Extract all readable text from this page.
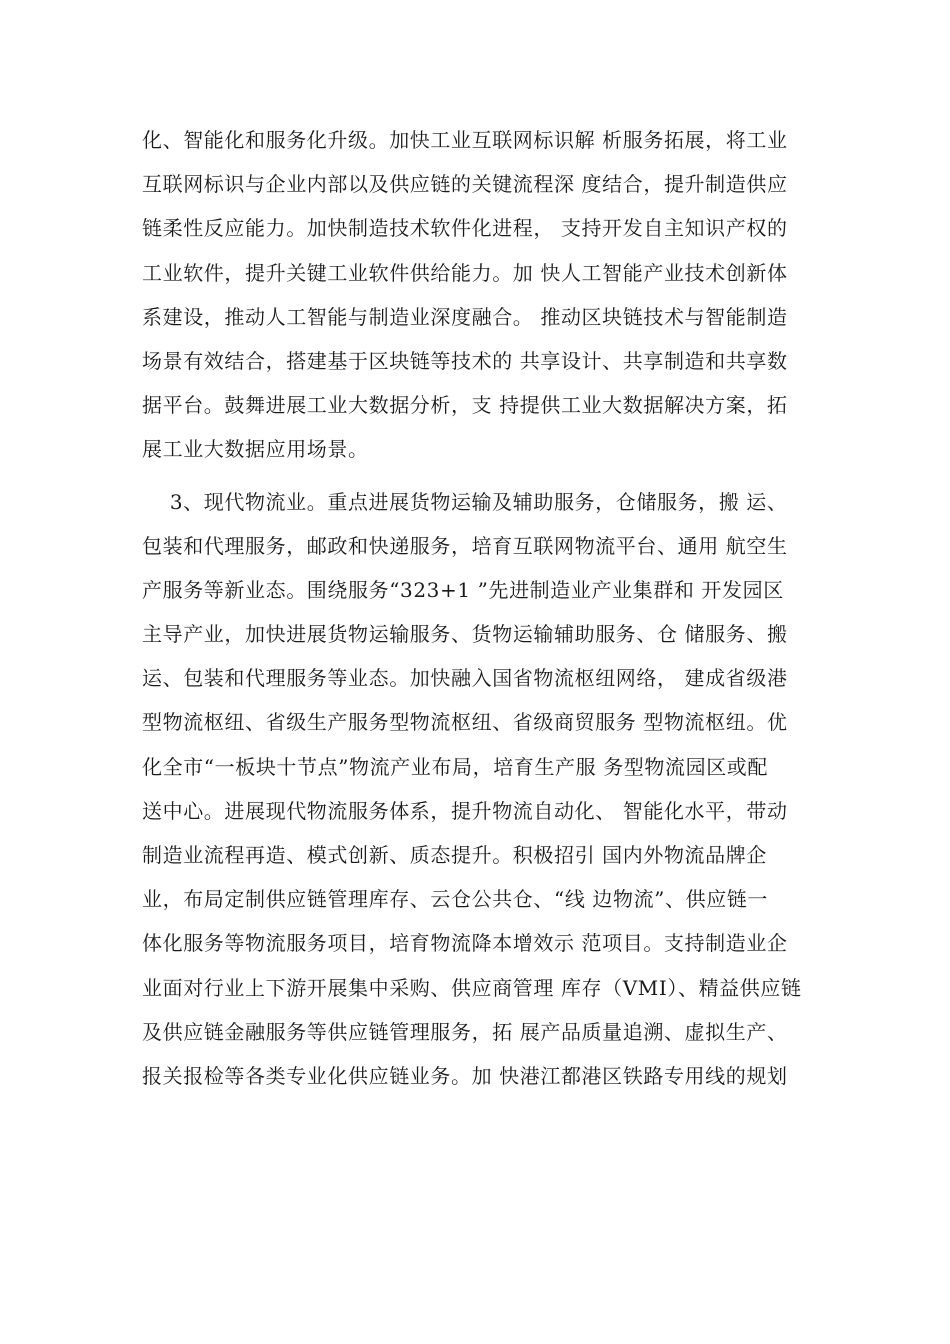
化、智能化和服务化升级。加快工业互联网标识解 析服务拓展，将工业
互联网标识与企业内部以及供应链的关键流程深 度结合，提升制造供应
链柔性反应能力。加快制造技术软件化进程， 支持开发自主知识产权的
工业软件，提升关键工业软件供给能力。加 快人工智能产业技术创新体
系建设，推动人工智能与制造业深度融合。 推动区块链技术与智能制造
场景有效结合，搭建基于区块链等技术的 共享设计、共享制造和共享数
据平台。鼓舞进展工业大数据分析，支 持提供工业大数据解决方案，拓
展工业大数据应用场景。
3、现代物流业。重点进展货物运输及辅助服务，仓储服务，搬 运、
包装和代理服务，邮政和快递服务，培育互联网物流平台、通用 航空生
产服务等新业态。围绕服务“323+1 ”先进制造业产业集群和 开发园区
主导产业，加快进展货物运输服务、货物运输辅助服务、仓 储服务、搬
运、包装和代理服务等业态。加快融入国省物流枢纽网络， 建成省级港
型物流枢纽、省级生产服务型物流枢纽、省级商贸服务 型物流枢纽。优
化全市“一板块十节点”物流产业布局，培育生产服 务型物流园区或配
送中心。进展现代物流服务体系，提升物流自动化、 智能化水平，带动
制造业流程再造、模式创新、质态提升。积极招引 国内外物流品牌企
业，布局定制供应链管理库存、云仓公共仓、“线 边物流”、供应链一
体化服务等物流服务项目，培育物流降本增效示 范项目。支持制造业企
业面对行业上下游开展集中采购、供应商管理 库存（VMI）、精益供应链
及供应链金融服务等供应链管理服务，拓 展产品质量追溯、虚拟生产、
报关报检等各类专业化供应链业务。加 快港江都港区铁路专用线的规划
